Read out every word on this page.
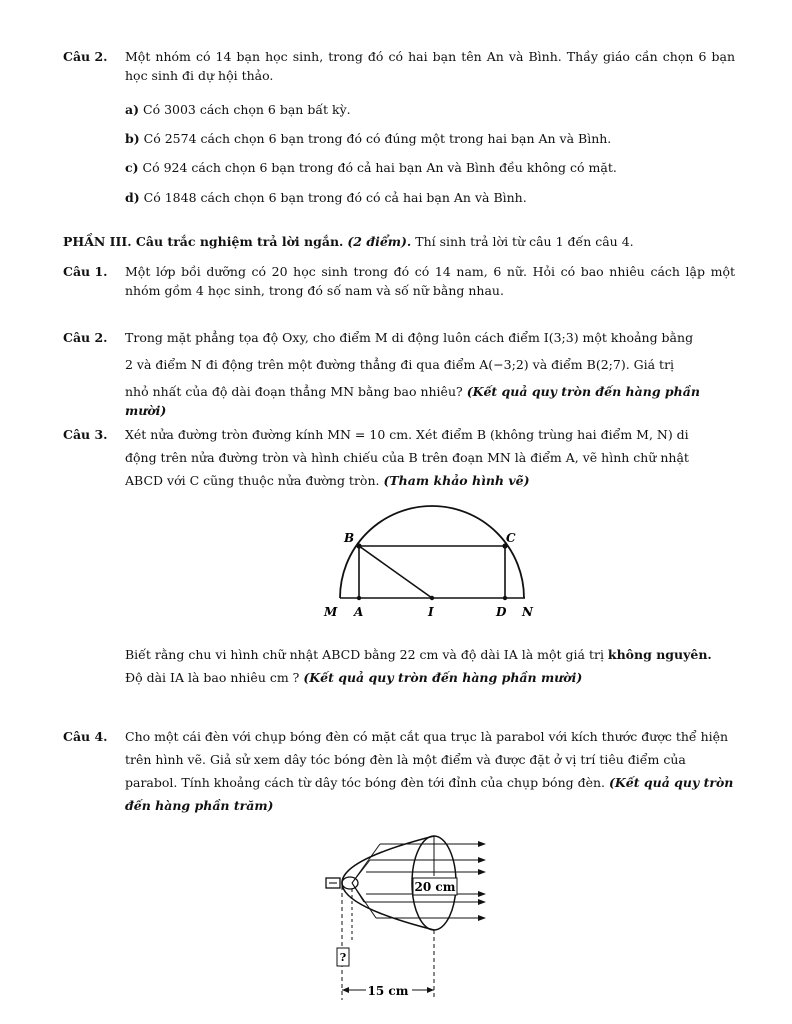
Câu 2. Một nhóm có 14 bạn học sinh, trong đó có hai bạn tên An và Bình. Thầy giáo cần chọn 6 bạn học sinh đi dự hội thảo.
a) Có 3003 cách chọn 6 bạn bất kỳ.
b) Có 2574 cách chọn 6 bạn trong đó có đúng một trong hai bạn An và Bình.
c) Có 924 cách chọn 6 bạn trong đó cả hai bạn An và Bình đều không có mặt.
d) Có 1848 cách chọn 6 bạn trong đó có cả hai bạn An và Bình.
PHẦN III. Câu trắc nghiệm trả lời ngắn. (2 điểm). Thí sinh trả lời từ câu 1 đến câu 4.
Câu 1. Một lớp bồi dưỡng có 20 học sinh trong đó có 14 nam, 6 nữ. Hỏi có bao nhiêu cách lập một nhóm gồm 4 học sinh, trong đó số nam và số nữ bằng nhau.
Câu 2. Trong mặt phẳng tọa độ Oxy, cho điểm M di động luôn cách điểm I(3;3) một khoảng bằng
2 và điểm N đi động trên một đường thẳng đi qua điểm A(−3;2) và điểm B(2;7). Giá trị
nhỏ nhất của độ dài đoạn thẳng MN bằng bao nhiêu? (Kết quả quy tròn đến hàng phần mười)
Câu 3. Xét nửa đường tròn đường kính MN = 10 cm. Xét điểm B (không trùng hai điểm M, N) di
động trên nửa đường tròn và hình chiếu của B trên đoạn MN là điểm A, vẽ hình chữ nhật
ABCD với C cũng thuộc nửa đường tròn. (Tham khảo hình vẽ)
B	C
M A	I	D N
Biết rằng chu vi hình chữ nhật ABCD bằng 22 cm và độ dài IA là một giá trị không nguyên.
Độ dài IA là bao nhiêu cm ? (Kết quả quy tròn đến hàng phần mười)
Câu 4. Cho một cái đèn với chụp bóng đèn có mặt cắt qua trục là parabol với kích thước được thể hiện
trên hình vẽ. Giả sử xem dây tóc bóng đèn là một điểm và được đặt ở vị trí tiêu điểm của
parabol. Tính khoảng cách từ dây tóc bóng đèn tới đỉnh của chụp bóng đèn. (Kết quả quy tròn
đến hàng phần trăm)
20 cm
?
15 cm
